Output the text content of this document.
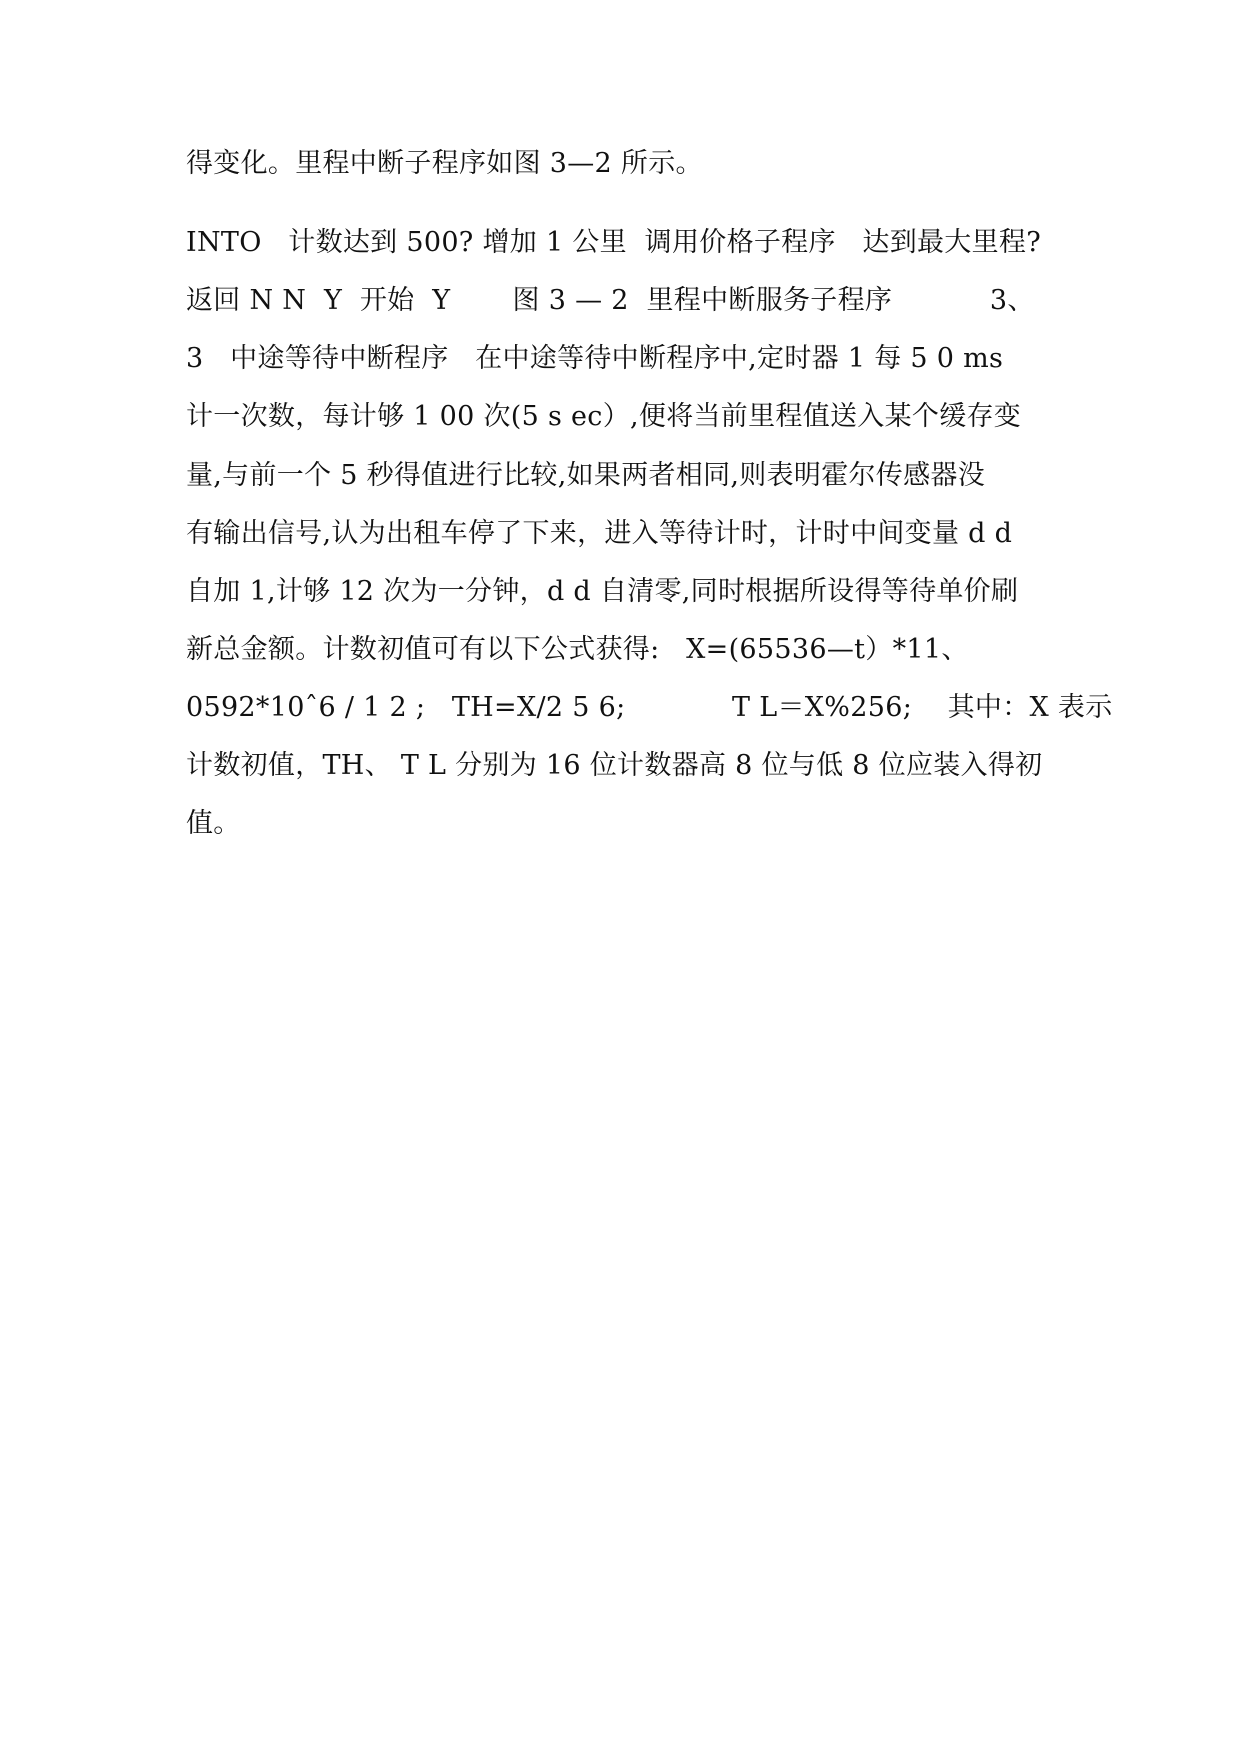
得变化。里程中断子程序如图 3—2 所示。
INTO   计数达到 500? 增加 1 公里  调用价格子程序   达到最大里程?
返回 N N  Y  开始  Y       图 3 — 2  里程中断服务子程序           3、
3   中途等待中断程序   在中途等待中断程序中,定时器 1 每 5 0 ms
计一次数，每计够 1 00 次(5 s ec）,便将当前里程值送入某个缓存变
量,与前一个 5 秒得值进行比较,如果两者相同,则表明霍尔传感器没
有输出信号,认为出租车停了下来，进入等待计时，计时中间变量 d d
自加 1,计够 12 次为一分钟，d d 自清零,同时根据所设得等待单价刷
新总金额。计数初值可有以下公式获得:   X=(65536—t）*11、
0592*10ˆ6 / 1 2 ;   TH=X/2 5 6;            T L＝X%256;    其中：X 表示
计数初值，TH、 T L 分别为 16 位计数器高 8 位与低 8 位应装入得初
值。
